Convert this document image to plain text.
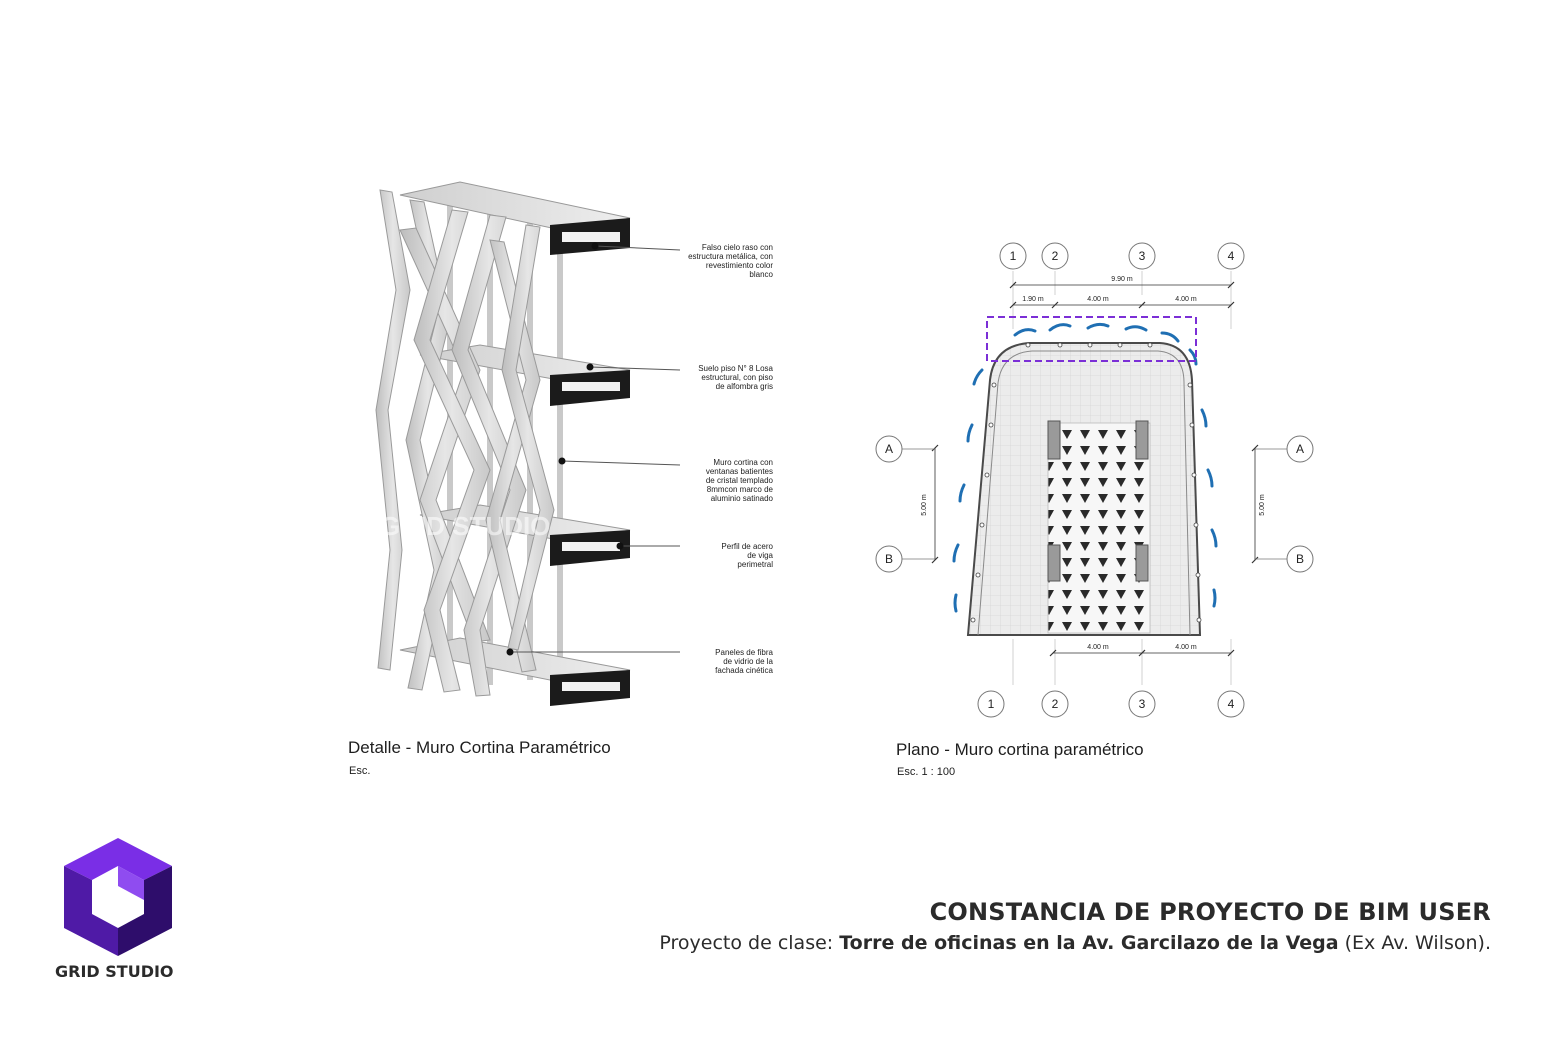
GRID STUDIO
Falso cielo raso con
estructura metálica, con
revestimiento color
blanco
Suelo piso N° 8 Losa
estructural, con piso
de alfombra gris
Muro cortina con
ventanas batientes
de cristal templado
8mmcon marco de
aluminio satinado
Perfil de acero
de viga
perimetral
Paneles de fibra
de vidrio de la
fachada cinética
Detalle - Muro Cortina Paramétrico
Esc.
9.90 m
1.90 m	4.00 m	4.00 m
4.00 m	4.00 m
5.00 m	5.00 m
1	2	3	4
1	2	3	4
A
B
A
B
Plano - Muro cortina paramétrico
Esc. 1 : 100
GRID STUDIO
CONSTANCIA DE PROYECTO DE BIM USER
Proyecto de clase: Torre de oficinas en la Av. Garcilazo de la Vega (Ex Av. Wilson).
